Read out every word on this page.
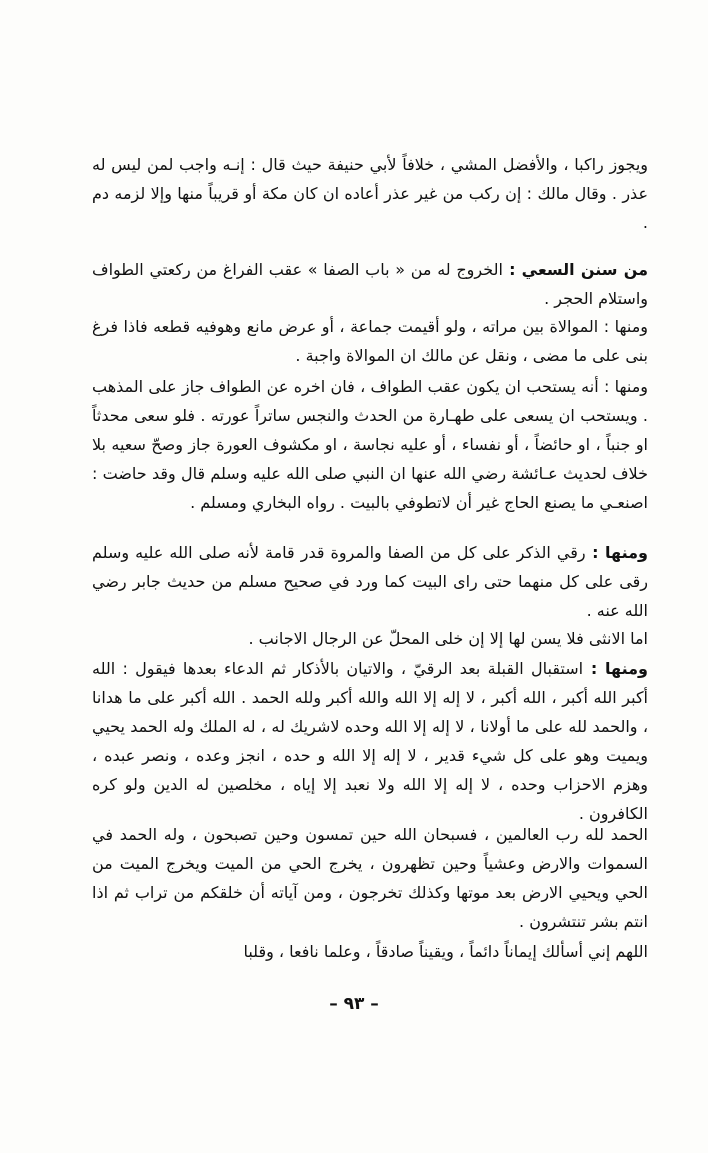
ويجوز راكبا ، والأفضل المشي ، خلافاً لأبي حنيفة حيث قال : إنـه واجب لمن ليس له عذر . وقال مالك : إن ركب من غير عذر أعاده ان كان مكة أو قريباً منها وإلا لزمه دم .

من سنن السعي : الخروج له من « باب الصفا » عقب الفراغ من ركعتي الطواف واستلام الحجر .

ومنها : الموالاة بين مراته ، ولو أقيمت جماعة ، أو عرض مانع وهوفيه قطعه فاذا فرغ بنى على ما مضى ، ونقل عن مالك ان الموالاة واجبة .

ومنها : أنه يستحب ان يكون عقب الطواف ، فان اخره عن الطواف جاز على المذهب . ويستحب ان يسعى على طهـارة من الحدث والنجس ساتراً عورته . فلو سعى محدثاً او جنباً ، او حائضاً ، أو نفساء ، أو عليه نجاسة ، او مكشوف العورة جاز وصحّ سعيه بلا خلاف لحديث عـائشة رضي الله عنها ان النبي صلى الله عليه وسلم قال وقد حاضت : اصنعـي ما يصنع الحاج غير أن لاتطوفي بالبيت . رواه البخاري ومسلم .

ومنها : رقي الذكر على كل من الصفا والمروة قدر قامة لأنه صلى الله عليه وسلم رقى على كل منهما حتى راى البيت كما ورد في صحيح مسلم من حديث جابر رضي الله عنه .

اما الانثى فلا يسن لها إلا إن خلى المحلّ عن الرجال الاجانب .

ومنها : استقبال القبلة بعد الرقيّ ، والاتيان بالأذكار ثم الدعاء بعدها فيقول : الله أكبر الله أكبر ، الله أكبر ، لا إله إلا الله والله أكبر ولله الحمد . الله أكبر على ما هدانا ، والحمد لله على ما أولانا ، لا إله إلا الله وحده لاشريك له ، له الملك وله الحمد يحيي ويميت وهو على كل شيء قدير ، لا إله إلا الله و حده ، انجز وعده ، ونصر عبده ، وهزم الاحزاب وحده ، لا إله إلا الله ولا نعبد إلا إياه ، مخلصين له الدين ولو كره الكافرون .

الحمد لله رب العالمين ، فسبحان الله حين تمسون وحين تصبحون ، وله الحمد في السموات والارض وعشياً وحين تظهرون ، يخرج الحي من الميت ويخرج الميت من الحي ويحيي الارض بعد موتها وكذلك تخرجون ، ومن آياته أن خلقكم من تراب ثم اذا انتم بشر تنتشرون .

اللهم إني أسألك إيماناً دائماً ، ويقيناً صادقاً ، وعلما نافعا ، وقلبا

– ٩٣ –
